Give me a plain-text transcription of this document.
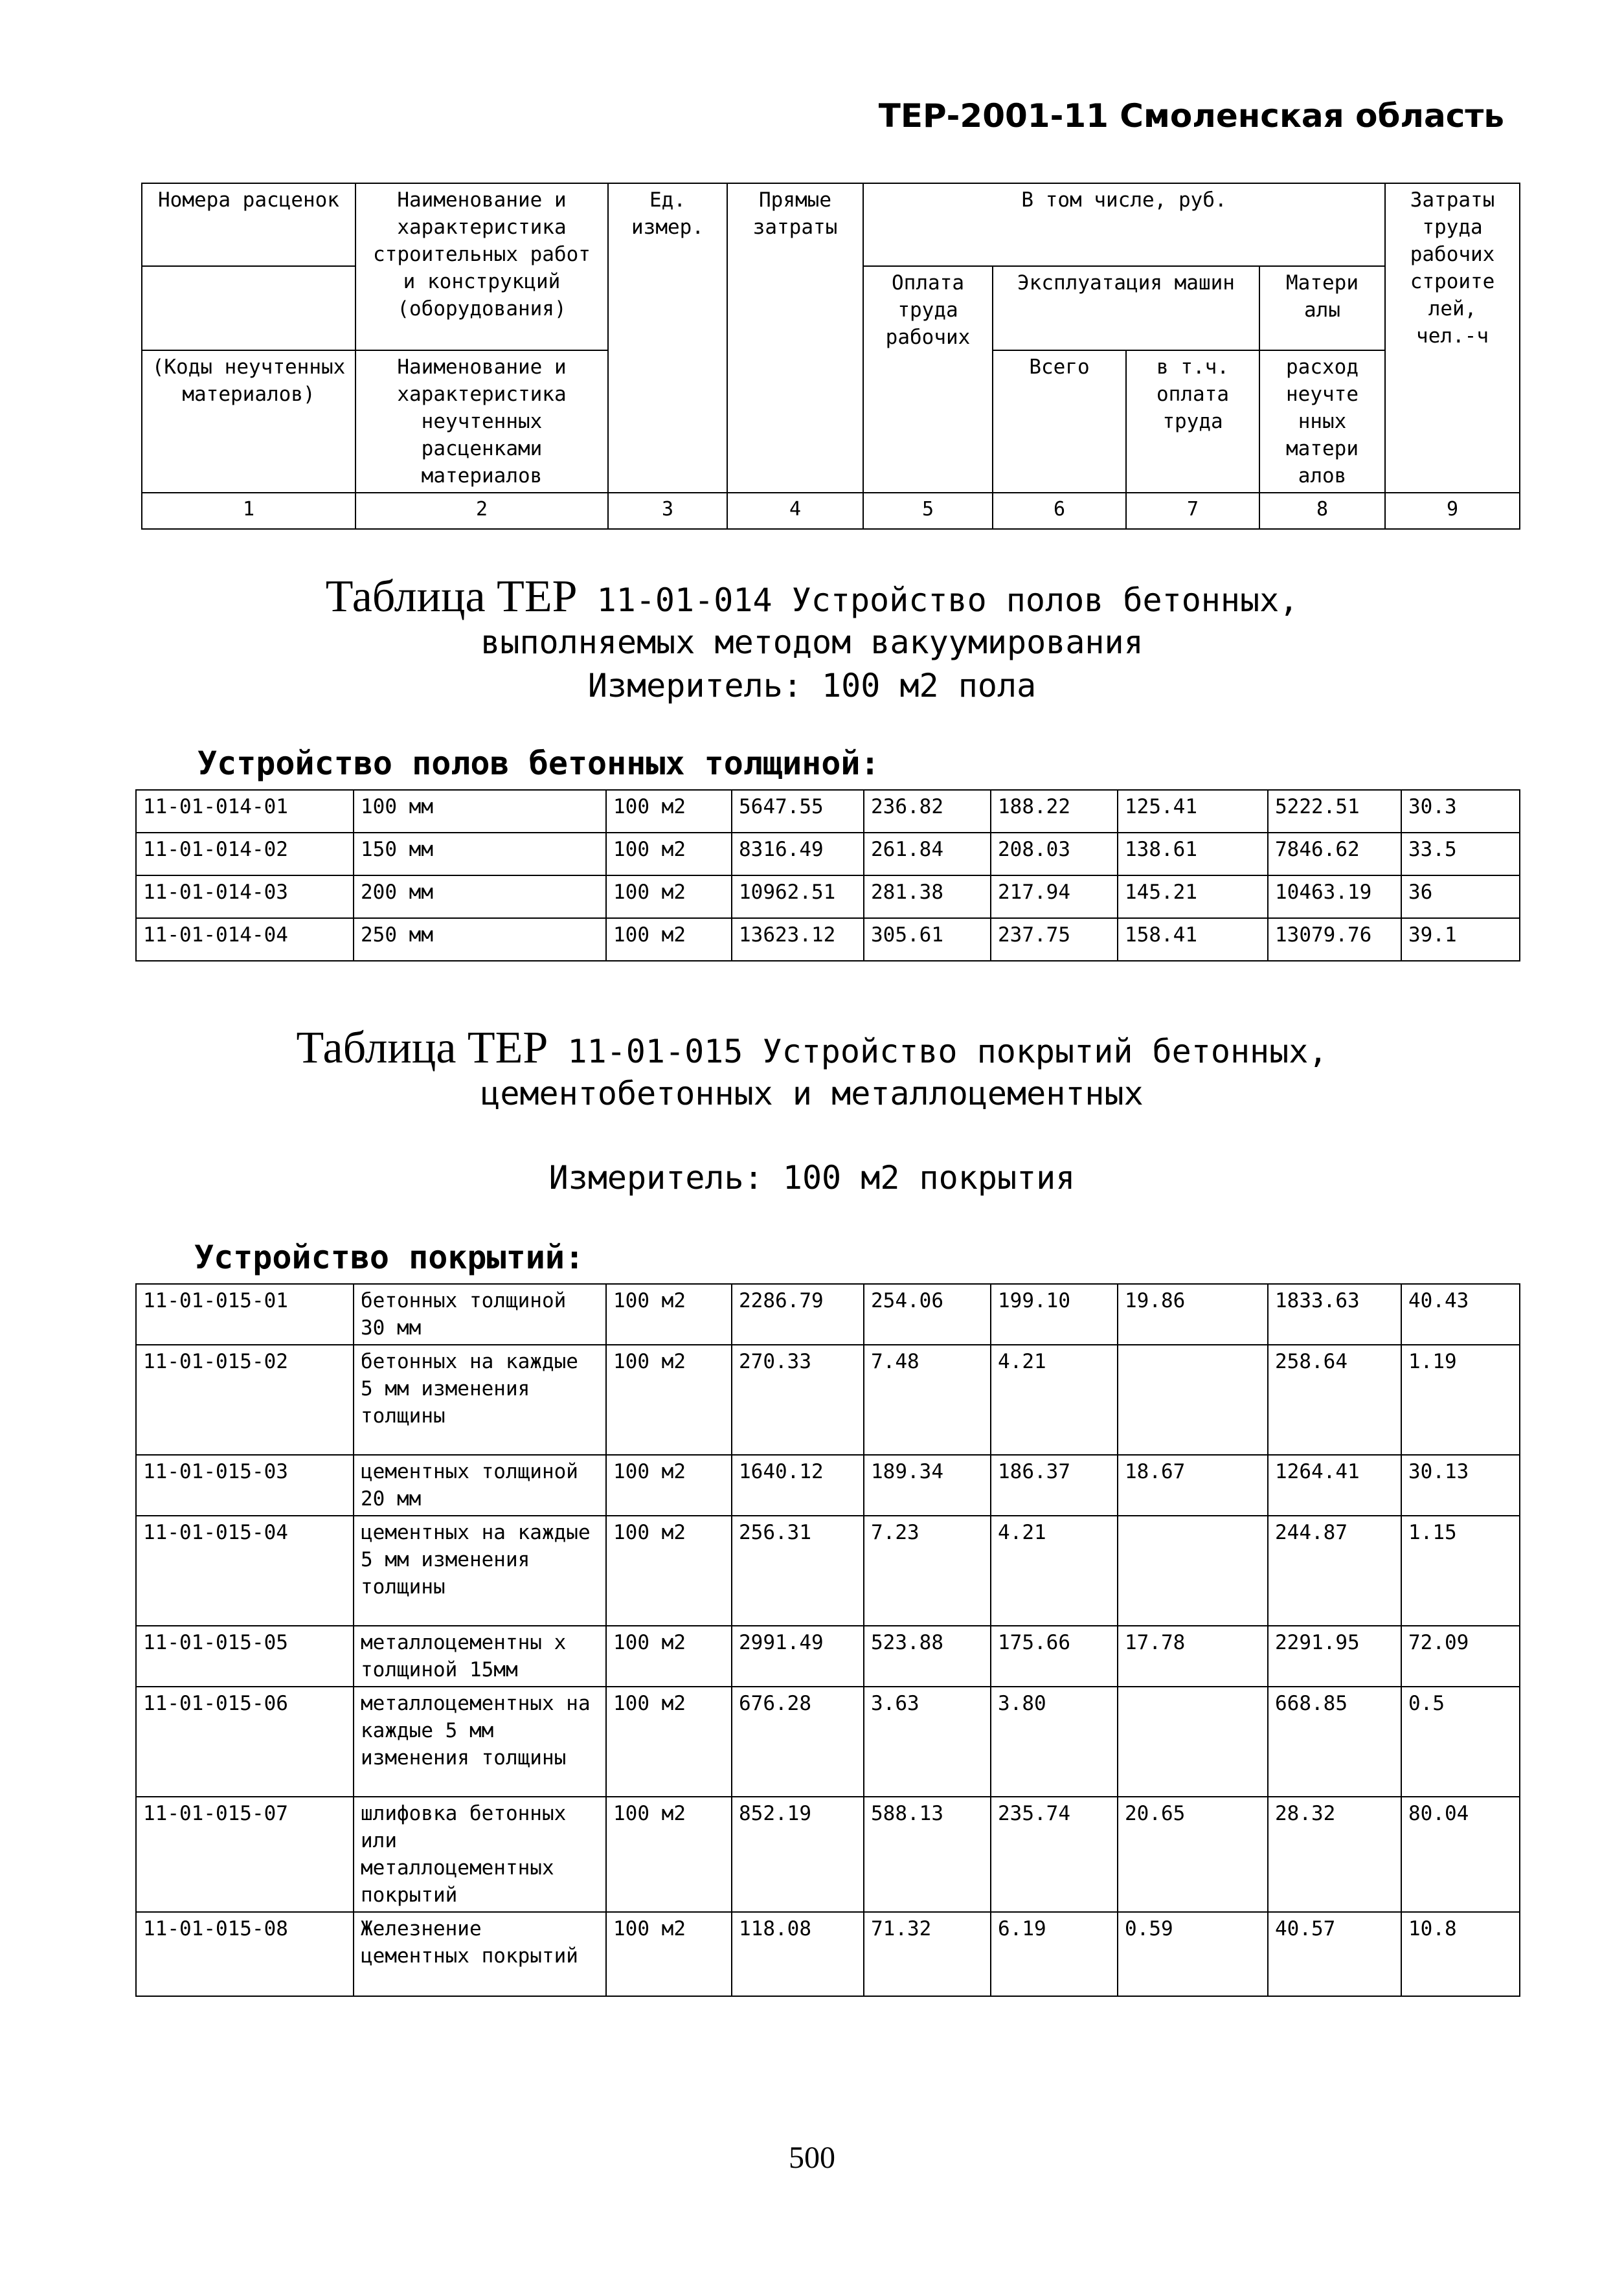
ТЕР-2001-11 Смоленская область
Номера расценок	Наименование и характеристика строительных работ и конструкций (оборудования)	Ед. измер.	Прямые затраты	В том числе, руб.				Затраты труда рабочих строите лей, чел.-ч
				Оплата труда рабочих	Эксплуатация машин		Матери алы	
(Коды неучтенных материалов)	Наименование и характеристика неучтенных расценками материалов				Всего	в т.ч. оплата труда	расход неучте нных матери алов	
1	2	3	4	5	6	7	8	9
Таблица ТЕР 11-01-014 Устройство полов бетонных,
выполняемых методом вакуумирования
Измеритель: 100 м2 пола
Устройство полов бетонных толщиной:
11-01-014-01	100 мм	100 м2	5647.55	236.82	188.22	125.41	5222.51	30.3
11-01-014-02	150 мм	100 м2	8316.49	261.84	208.03	138.61	7846.62	33.5
11-01-014-03	200 мм	100 м2	10962.51	281.38	217.94	145.21	10463.19	36
11-01-014-04	250 мм	100 м2	13623.12	305.61	237.75	158.41	13079.76	39.1
Таблица ТЕР 11-01-015 Устройство покрытий бетонных,
цементобетонных и металлоцементных
Измеритель: 100 м2 покрытия
Устройство покрытий:
11-01-015-01	бетонных толщиной 30 мм	100 м2	2286.79	254.06	199.10	19.86	1833.63	40.43
11-01-015-02	бетонных на каждые 5 мм изменения толщины	100 м2	270.33	7.48	4.21		258.64	1.19
11-01-015-03	цементных толщиной 20 мм	100 м2	1640.12	189.34	186.37	18.67	1264.41	30.13
11-01-015-04	цементных на каждые 5 мм изменения толщины	100 м2	256.31	7.23	4.21		244.87	1.15
11-01-015-05	металлоцементны х толщиной 15мм	100 м2	2991.49	523.88	175.66	17.78	2291.95	72.09
11-01-015-06	металлоцементных на каждые 5 мм изменения толщины	100 м2	676.28	3.63	3.80		668.85	0.5
11-01-015-07	шлифовка бетонных или металлоцементных покрытий	100 м2	852.19	588.13	235.74	20.65	28.32	80.04
11-01-015-08	Железнение цементных покрытий	100 м2	118.08	71.32	6.19	0.59	40.57	10.8
500
